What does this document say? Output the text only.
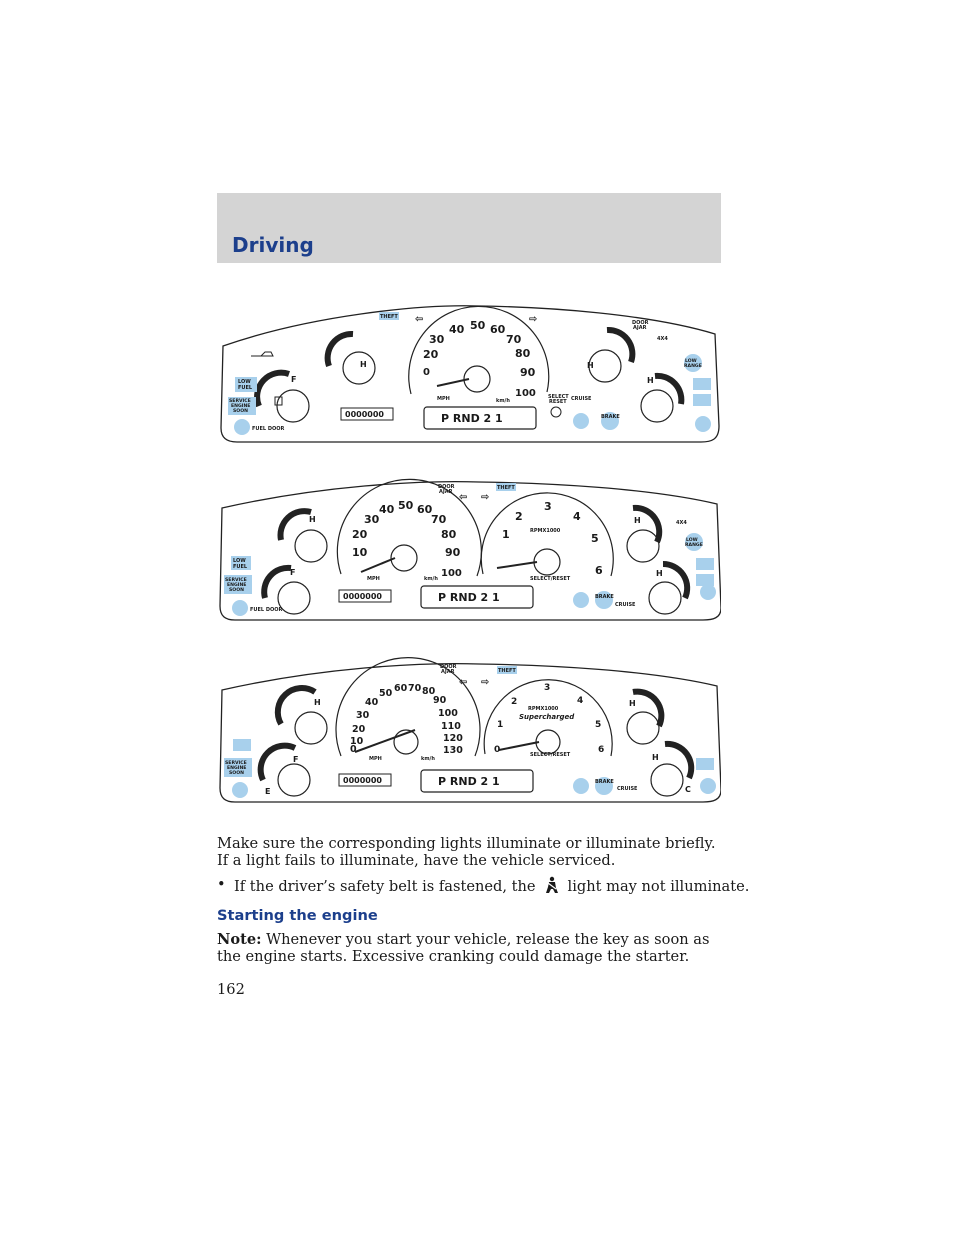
Driving
H
F
LOW
FUEL
SERVICE
ENGINE
SOON
FUEL DOOR
0000000
THEFT ⇦	⇨
0
20
30
40 50 60
70
80
90
100
MPH	km/h
SELECT
RESET CRUISE
P RND 2 1
DOOR
AJAR
4X4
H
H
LOW
RANGE
BRAKE
H
F
LOW
FUEL
SERVICE
ENGINE
SOON
FUEL DOOR
0000000
10
20
30
40 50 60
70
80
90
100
MPH	km/h
DOOR
AJAR ⇦ ⇨
THEFT
1
2
3
4
5
6
RPMX1000
SELECT/RESET
P RND 2 1	BRAKE
CRUISE
H	4X4
LOW
RANGE
H
H
F
E
SERVICE
ENGINE
SOON
0000000
0
10
20
30
40
50 60 70 80
90
100
110
120
130
MPH	km/h
DOOR
AJAR
⇦ ⇨
THEFT
0
1
2
3
4
5
6
RPMX1000
Supercharged
SELECT/RESET
P RND 2 1	BRAKE
CRUISE
H
H
C

Make sure the corresponding lights illuminate or illuminate briefly. If a light fails to illuminate, have the vehicle serviced.

• If the driver’s safety belt is fastened, the light may not illuminate.
Starting the engine

Note: Whenever you start your vehicle, release the key as soon as the engine starts. Excessive cranking could damage the starter.

162
